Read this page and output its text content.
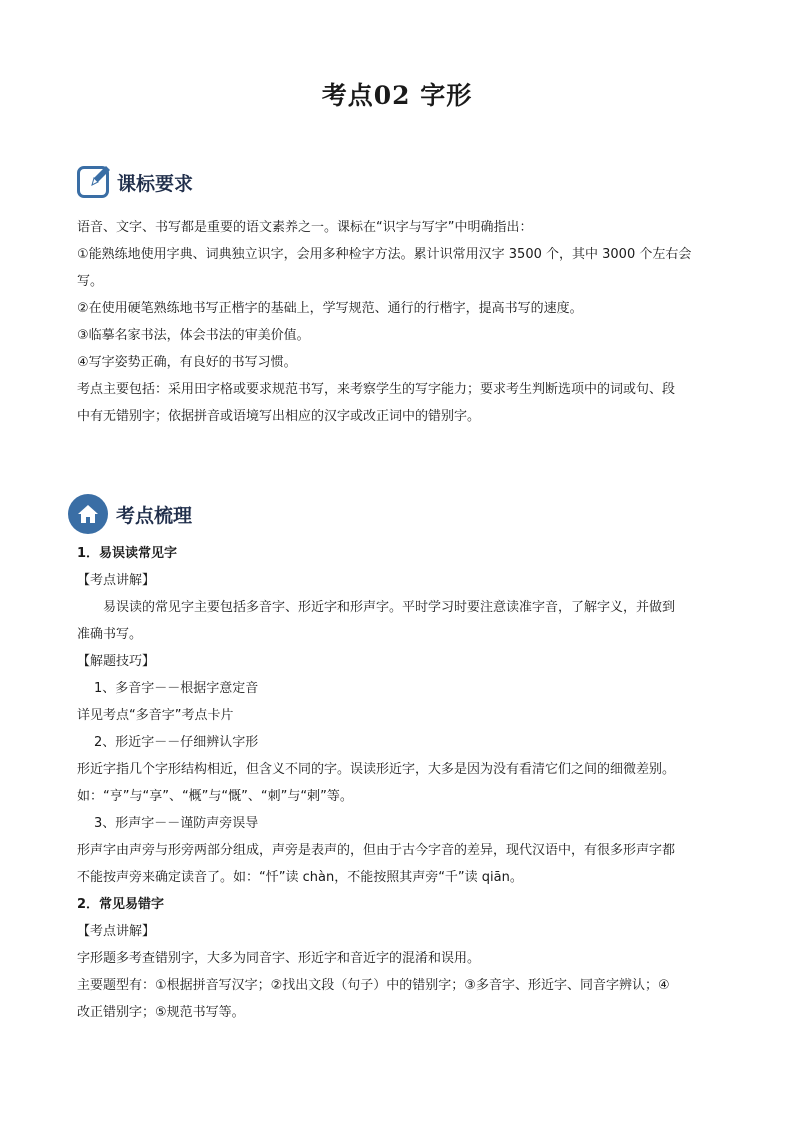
考点02 字形
课标要求

语音、文字、书写都是重要的语文素养之一。课标在“识字与写字”中明确指出：

①能熟练地使用字典、词典独立识字，会用多种检字方法。累计识常用汉字 3500 个，其中 3000 个左右会

写。

②在使用硬笔熟练地书写正楷字的基础上，学写规范、通行的行楷字，提高书写的速度。

③临摹名家书法，体会书法的审美价值。

④写字姿势正确，有良好的书写习惯。

考点主要包括：采用田字格或要求规范书写，来考察学生的写字能力；要求考生判断选项中的词或句、段

中有无错别字；依据拼音或语境写出相应的汉字或改正词中的错别字。

考点梳理

1．易误读常见字

【考点讲解】

易误读的常见字主要包括多音字、形近字和形声字。平时学习时要注意读准字音，了解字义，并做到

准确书写。

【解题技巧】

1、多音字－－根据字意定音

详见考点“多音字”考点卡片

2、形近字－－仔细辨认字形

形近字指几个字形结构相近，但含义不同的字。误读形近字，大多是因为没有看清它们之间的细微差别。

如：“亨”与“享”、“概”与“慨”、“刺”与“剌”等。

3、形声字－－谨防声旁误导

形声字由声旁与形旁两部分组成，声旁是表声的，但由于古今字音的差异，现代汉语中，有很多形声字都

不能按声旁来确定读音了。如：“忏”读 chàn，不能按照其声旁“千”读 qiān。

2．常见易错字

【考点讲解】

字形题多考查错别字，大多为同音字、形近字和音近字的混淆和误用。

主要题型有：①根据拼音写汉字；②找出文段（句子）中的错别字；③多音字、形近字、同音字辨认；④

改正错别字；⑤规范书写等。
